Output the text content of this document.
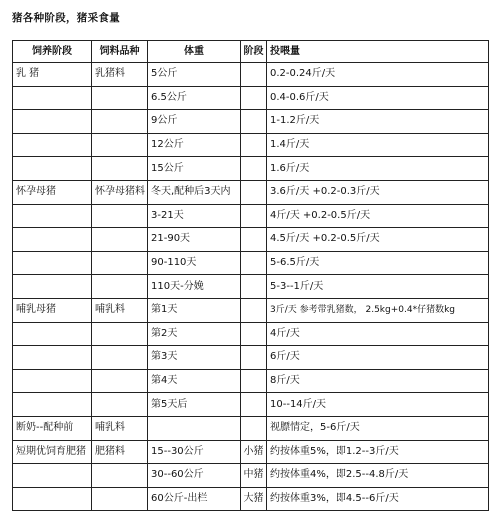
猪各种阶段，猪采食量
饲养阶段	饲料品种	体重	阶段	投喂量
乳 猪	乳猪料	5公斤		0.2-0.24斤/天
		6.5公斤		0.4-0.6斤/天
		9公斤		1-1.2斤/天
		12公斤		1.4斤/天
		15公斤		1.6斤/天
怀孕母猪	怀孕母猪料	冬天,配种后3天内		3.6斤/天 +0.2-0.3斤/天
		3-21天		4斤/天 +0.2-0.5斤/天
		21-90天		4.5斤/天 +0.2-0.5斤/天
		90-110天		5-6.5斤/天
		110天-分娩		5-3--1斤/天
哺乳母猪	哺乳料	第1天		3斤/天 参考带乳猪数， 2.5kg+0.4*仔猪数kg
		第2天		4斤/天
		第3天		6斤/天
		第4天		8斤/天
		第5天后		10--14斤/天
断奶--配种前	哺乳料			视膘情定，5-6斤/天
短期优饲育肥猪	肥猪料	15--30公斤	小猪	约按体重5%，即1.2--3斤/天
		30--60公斤	中猪	约按体重4%，即2.5--4.8斤/天
		60公斤-出栏	大猪	约按体重3%，即4.5--6斤/天
